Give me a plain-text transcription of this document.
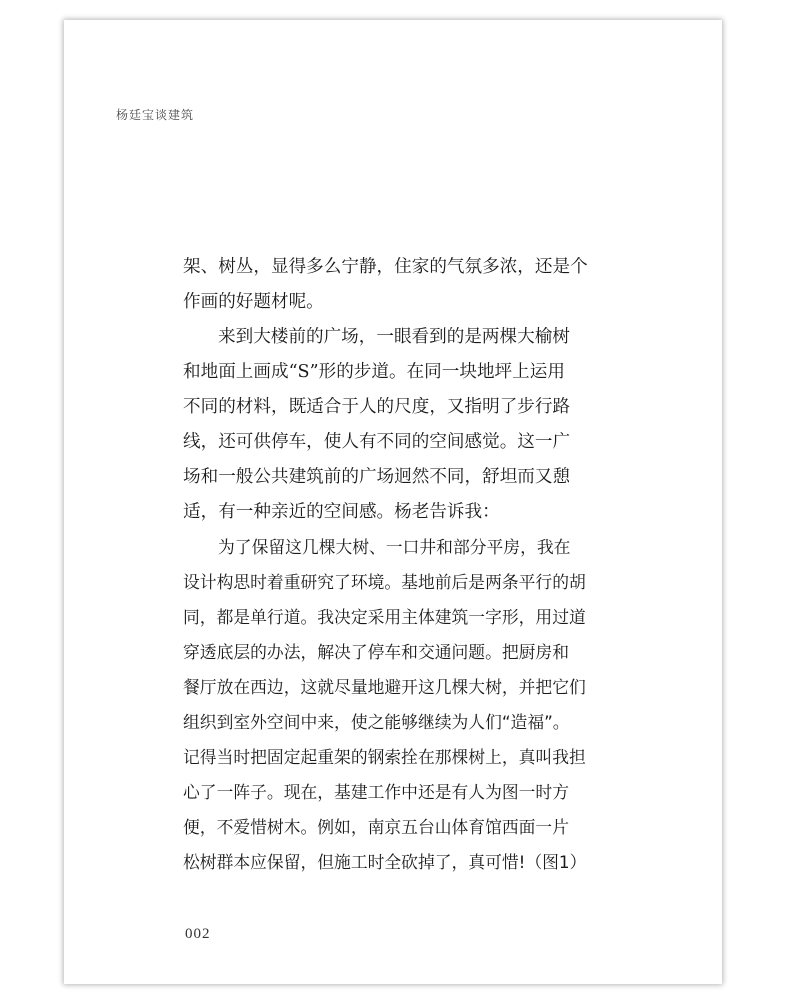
杨廷宝谈建筑
架、树丛，显得多么宁静，住家的气氛多浓，还是个
作画的好题材呢。
来到大楼前的广场，一眼看到的是两棵大榆树
和地面上画成“S”形的步道。在同一块地坪上运用
不同的材料，既适合于人的尺度，又指明了步行路
线，还可供停车，使人有不同的空间感觉。这一广
场和一般公共建筑前的广场迥然不同，舒坦而又憩
适，有一种亲近的空间感。杨老告诉我：
为了保留这几棵大树、一口井和部分平房，我在
设计构思时着重研究了环境。基地前后是两条平行的胡
同，都是单行道。我决定采用主体建筑一字形，用过道
穿透底层的办法，解决了停车和交通问题。把厨房和
餐厅放在西边，这就尽量地避开这几棵大树，并把它们
组织到室外空间中来，使之能够继续为人们“造福”。
记得当时把固定起重架的钢索拴在那棵树上，真叫我担
心了一阵子。现在，基建工作中还是有人为图一时方
便，不爱惜树木。例如，南京五台山体育馆西面一片
松树群本应保留，但施工时全砍掉了，真可惜!（图1）
002
